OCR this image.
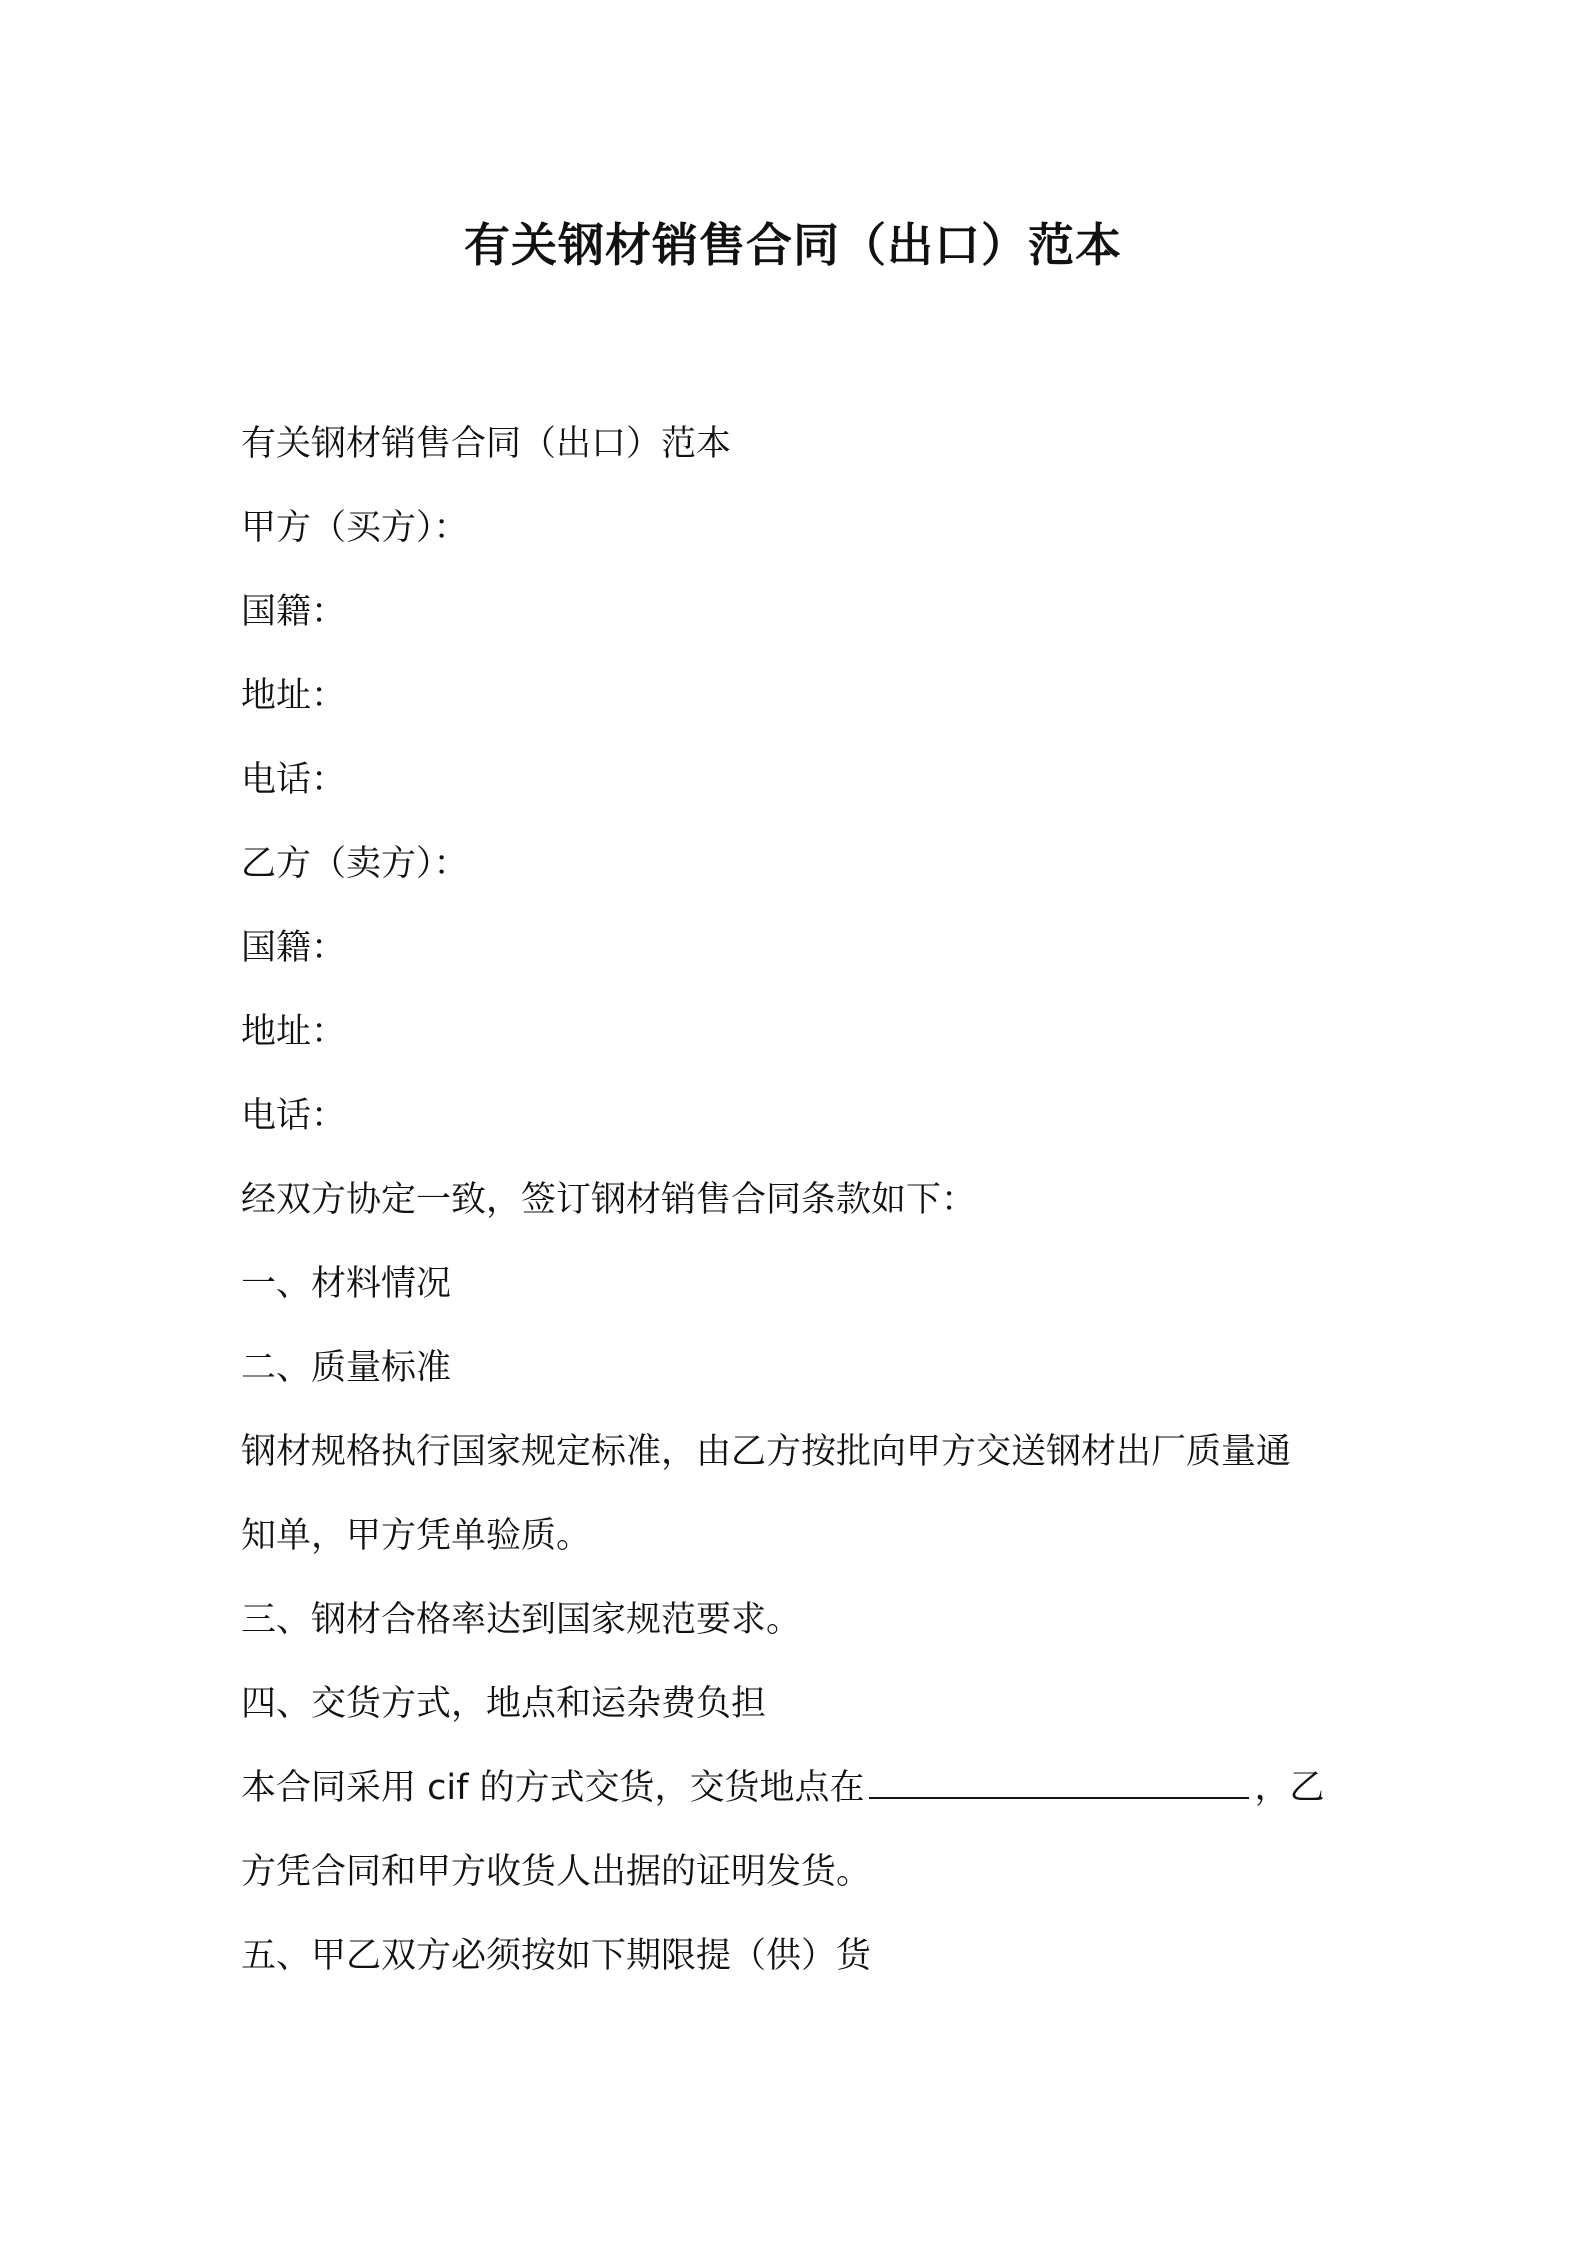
有关钢材销售合同（出口）范本
有关钢材销售合同（出口）范本
甲方（买方）：
国籍：
地址：
电话：
乙方（卖方）：
国籍：
地址：
电话：
经双方协定一致，签订钢材销售合同条款如下：
一、材料情况
二、质量标准
钢材规格执行国家规定标准，由乙方按批向甲方交送钢材出厂质量通
知单，甲方凭单验质。
三、钢材合格率达到国家规范要求。
四、交货方式，地点和运杂费负担
本合同采用 cif 的方式交货，交货地点在	，乙
方凭合同和甲方收货人出据的证明发货。
五、甲乙双方必须按如下期限提（供）货
